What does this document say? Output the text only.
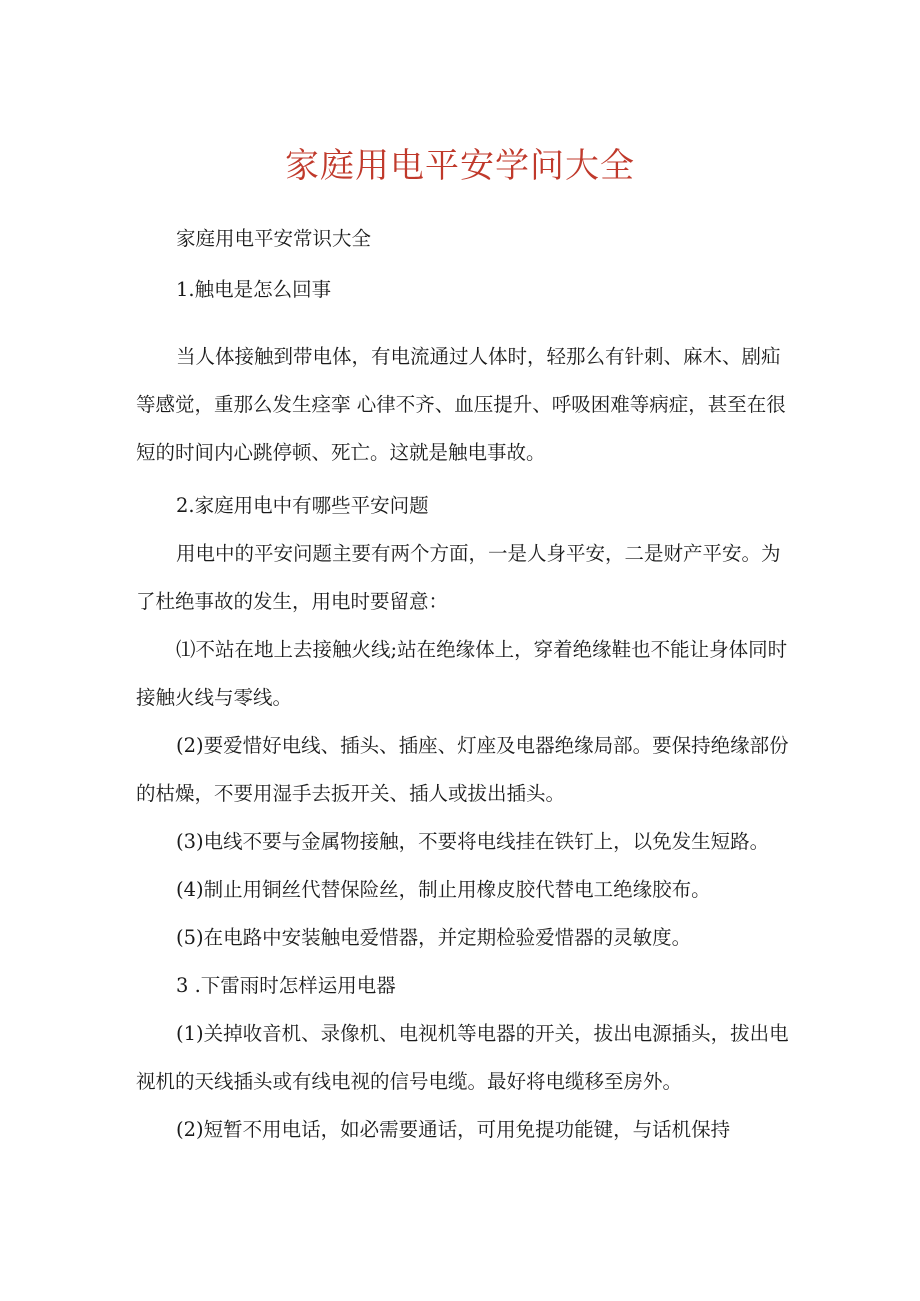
家庭用电平安学问大全

家庭用电平安常识大全

1.触电是怎么回事

当人体接触到带电体，有电流通过人体时，轻那么有针刺、麻木、剧疝等感觉，重那么发生痉挛 心律不齐、血压提升、呼吸困难等病症，甚至在很短的时间内心跳停顿、死亡。这就是触电事故。

2.家庭用电中有哪些平安问题

用电中的平安问题主要有两个方面，一是人身平安，二是财产平安。为了杜绝事故的发生，用电时要留意：

⑴不站在地上去接触火线;站在绝缘体上，穿着绝缘鞋也不能让身体同时接触火线与零线。

(2)要爱惜好电线、插头、插座、灯座及电器绝缘局部。要保持绝缘部份的枯燥，不要用湿手去扳开关、插人或拔出插头。

(3)电线不要与金属物接触，不要将电线挂在铁钉上，以免发生短路。

(4)制止用铜丝代替保险丝，制止用橡皮胶代替电工绝缘胶布。

(5)在电路中安装触电爱惜器，并定期检验爱惜器的灵敏度。

3 .下雷雨时怎样运用电器

(1)关掉收音机、录像机、电视机等电器的开关，拔出电源插头，拔出电视机的天线插头或有线电视的信号电缆。最好将电缆移至房外。

(2)短暂不用电话，如必需要通话，可用免提功能键，与话机保持
